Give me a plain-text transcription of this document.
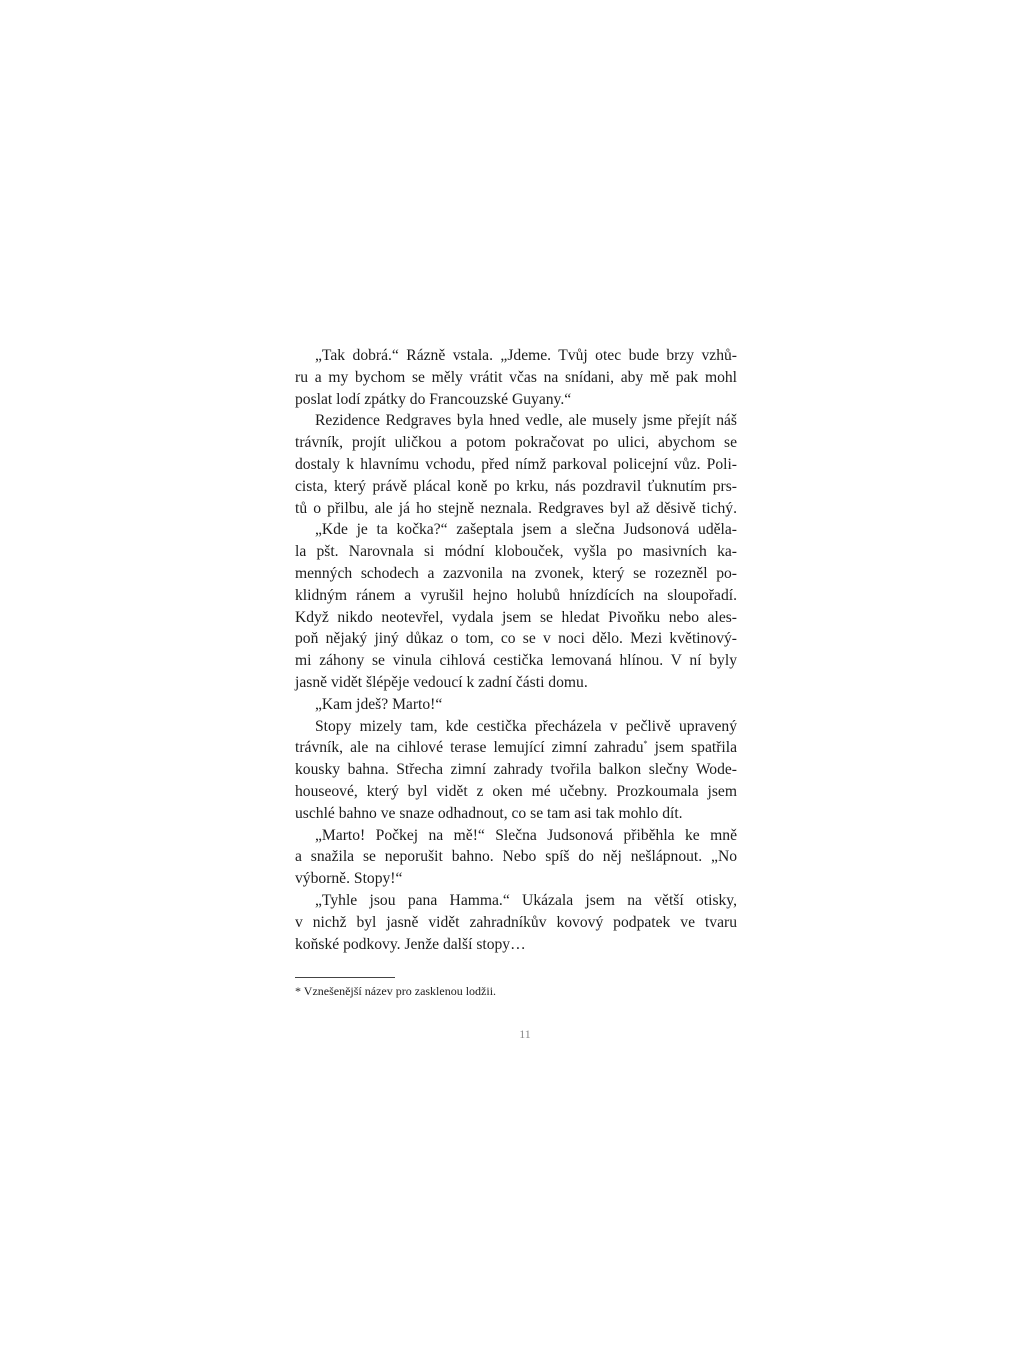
„Tak dobrá.“ Rázně vstala. „Jdeme. Tvůj otec bude brzy vzhů-
ru a my bychom se měly vrátit včas na snídani, aby mě pak mohl
poslat lodí zpátky do Francouzské Guyany.“
Rezidence Redgraves byla hned vedle, ale musely jsme přejít náš
trávník, projít uličkou a potom pokračovat po ulici, abychom se
dostaly k hlavnímu vchodu, před nímž parkoval policejní vůz. Poli-
cista, který právě plácal koně po krku, nás pozdravil ťuknutím prs-
tů o přilbu, ale já ho stejně neznala. Redgraves byl až děsivě tichý.
„Kde je ta kočka?“ zašeptala jsem a slečna Judsonová uděla-
la pšt. Narovnala si módní klobouček, vyšla po masivních ka-
menných schodech a zazvonila na zvonek, který se rozezněl po-
klidným ránem a vyrušil hejno holubů hnízdících na sloupořadí.
Když nikdo neotevřel, vydala jsem se hledat Pivoňku nebo ales-
poň nějaký jiný důkaz o tom, co se v noci dělo. Mezi květinový-
mi záhony se vinula cihlová cestička lemovaná hlínou. V ní byly
jasně vidět šlépěje vedoucí k zadní části domu.
„Kam jdeš? Marto!“
Stopy mizely tam, kde cestička přecházela v pečlivě upravený
trávník, ale na cihlové terase lemující zimní zahradu* jsem spatřila
kousky bahna. Střecha zimní zahrady tvořila balkon slečny Wode-
houseové, který byl vidět z oken mé učebny. Prozkoumala jsem
uschlé bahno ve snaze odhadnout, co se tam asi tak mohlo dít.
„Marto! Počkej na mě!“ Slečna Judsonová přiběhla ke mně
a snažila se neporušit bahno. Nebo spíš do něj nešlápnout. „No
výborně. Stopy!“
„Tyhle jsou pana Hamma.“ Ukázala jsem na větší otisky,
v nichž byl jasně vidět zahradníkův kovový podpatek ve tvaru
koňské podkovy. Jenže další stopy…
* Vznešenější název pro zasklenou lodžii.
11
